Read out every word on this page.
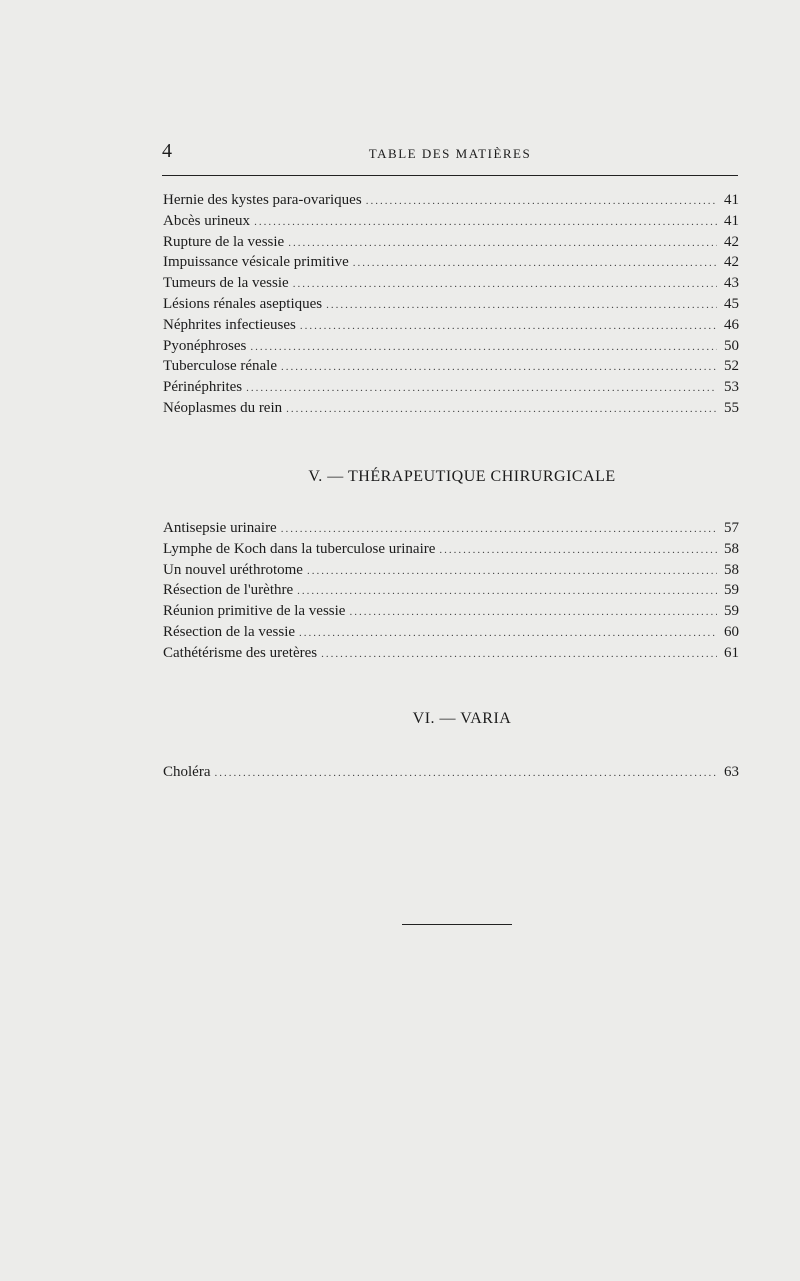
4	TABLE DES MATIÈRES
Hernie des kystes para-ovariques .....	41
Abcès urineux .....	41
Rupture de la vessie .....	42
Impuissance vésicale primitive .....	42
Tumeurs de la vessie .....	43
Lésions rénales aseptiques .....	45
Néphrites infectieuses .....	46
Pyonéphroses .....	50
Tuberculose rénale .....	52
Périnéphrites .....	53
Néoplasmes du rein .....	55
V. — THÉRAPEUTIQUE CHIRURGICALE
Antisepsie urinaire .....	57
Lymphe de Koch dans la tuberculose urinaire .....	58
Un nouvel uréthrotome .....	58
Résection de l'urèthre .....	59
Réunion primitive de la vessie .....	59
Résection de la vessie .....	60
Cathétérisme des uretères .....	61
VI. — VARIA
Choléra .....	63
